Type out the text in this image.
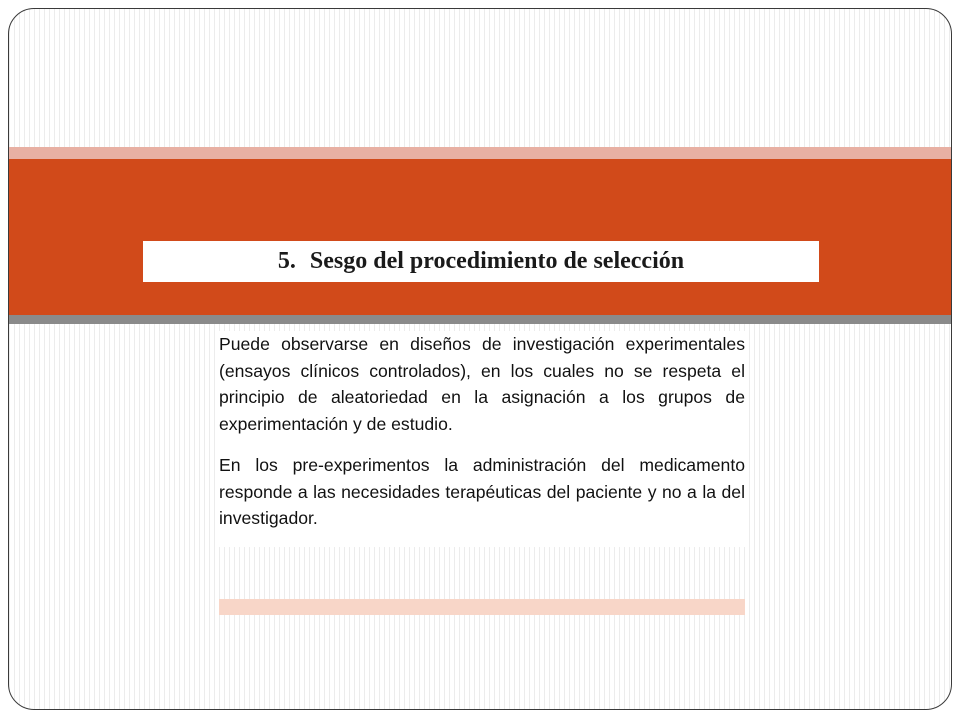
5. Sesgo del procedimiento de selección

Puede observarse en diseños de investigación experimentales (ensayos clínicos controlados), en los cuales no se respeta el principio de aleatoriedad en la asignación a los grupos de experimentación y de estudio.

En los pre-experimentos la administración del medicamento responde a las necesidades terapéuticas del paciente y no a la del investigador.
